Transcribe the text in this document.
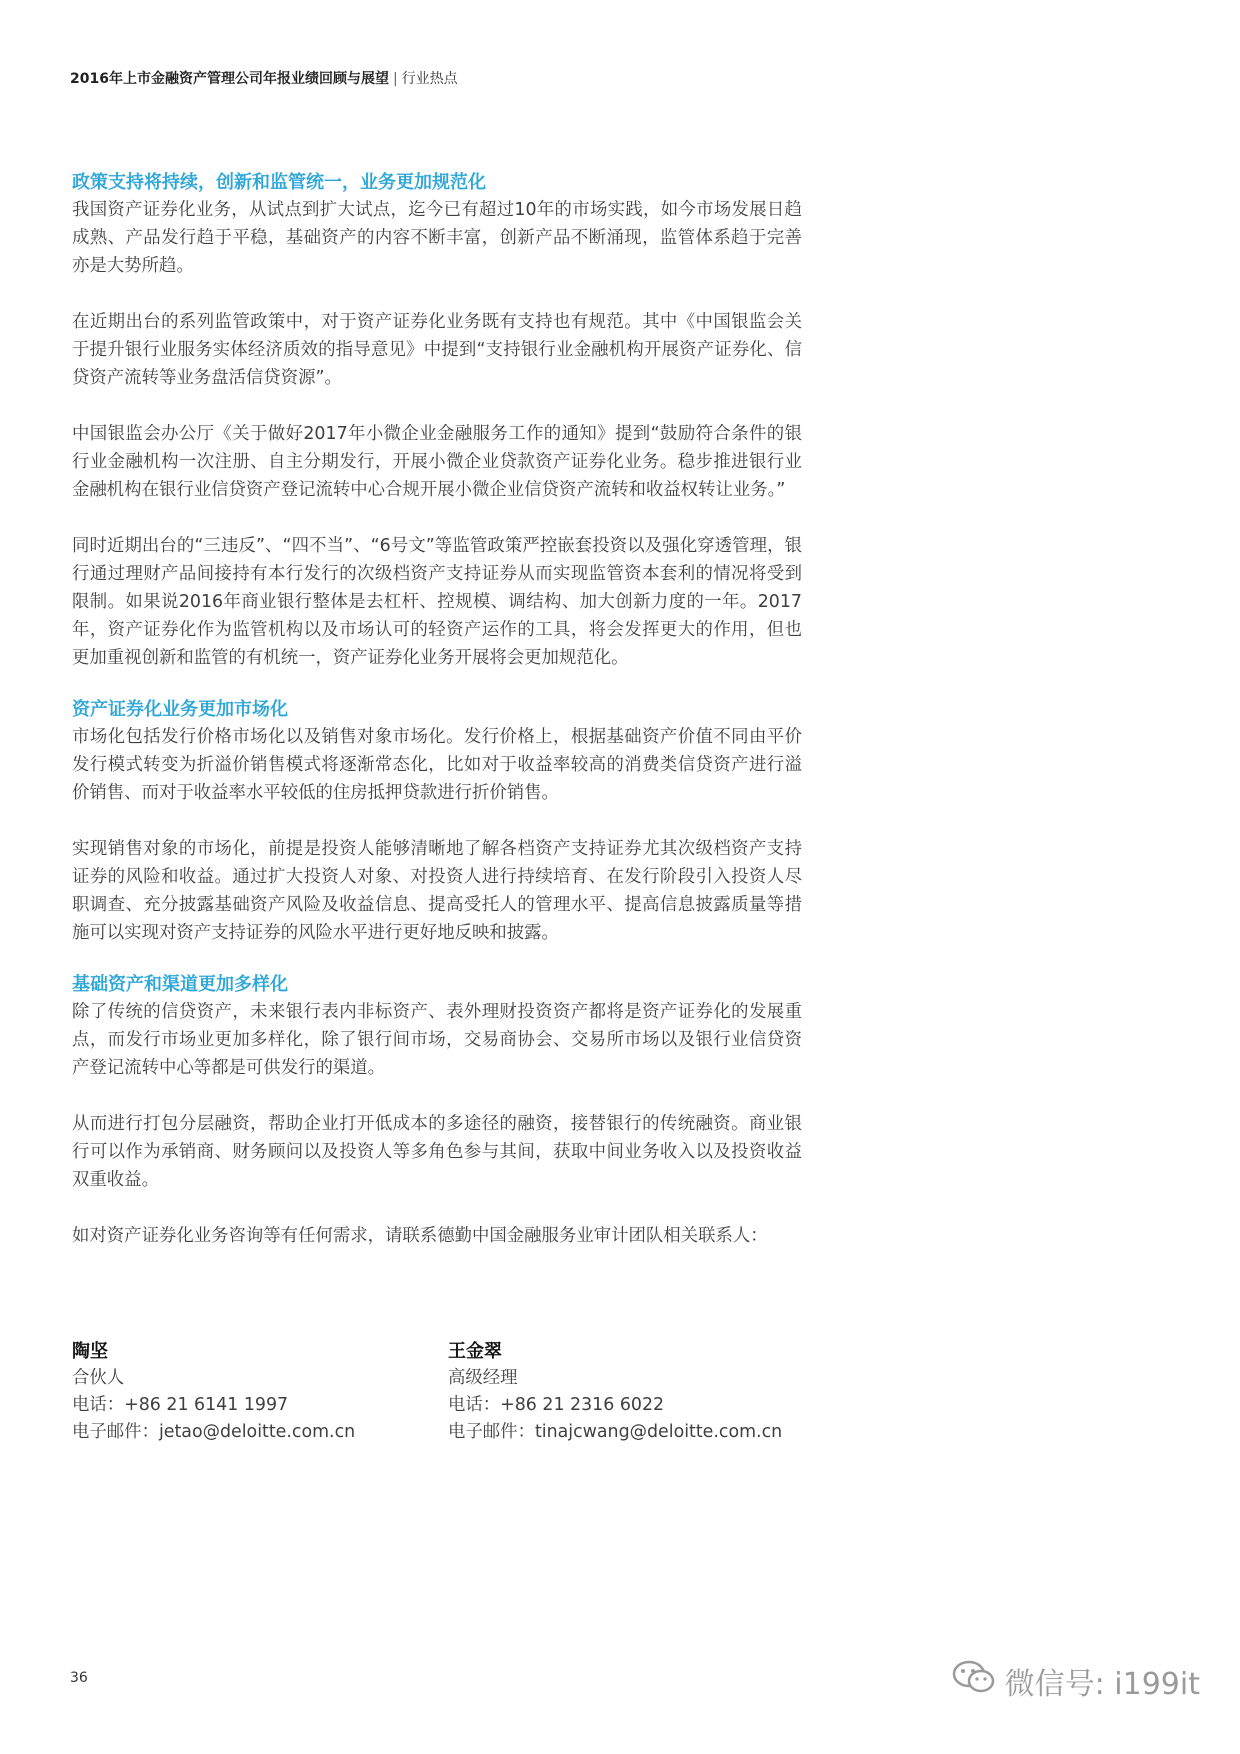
2016年上市金融资产管理公司年报业绩回顾与展望 | 行业热点
政策支持将持续，创新和监管统一，业务更加规范化

我国资产证券化业务，从试点到扩大试点，迄今已有超过10年的市场实践，如今市场发展日趋成熟、产品发行趋于平稳，基础资产的内容不断丰富，创新产品不断涌现，监管体系趋于完善亦是大势所趋。

在近期出台的系列监管政策中，对于资产证券化业务既有支持也有规范。其中《中国银监会关于提升银行业服务实体经济质效的指导意见》中提到“支持银行业金融机构开展资产证券化、信贷资产流转等业务盘活信贷资源”。

中国银监会办公厅《关于做好2017年小微企业金融服务工作的通知》提到“鼓励符合条件的银行业金融机构一次注册、自主分期发行，开展小微企业贷款资产证券化业务。稳步推进银行业金融机构在银行业信贷资产登记流转中心合规开展小微企业信贷资产流转和收益权转让业务。”

同时近期出台的“三违反”、“四不当”、“6号文”等监管政策严控嵌套投资以及强化穿透管理，银行通过理财产品间接持有本行发行的次级档资产支持证券从而实现监管资本套利的情况将受到限制。如果说2016年商业银行整体是去杠杆、控规模、调结构、加大创新力度的一年。2017年，资产证券化作为监管机构以及市场认可的轻资产运作的工具，将会发挥更大的作用，但也更加重视创新和监管的有机统一，资产证券化业务开展将会更加规范化。

资产证券化业务更加市场化

市场化包括发行价格市场化以及销售对象市场化。发行价格上，根据基础资产价值不同由平价发行模式转变为折溢价销售模式将逐渐常态化，比如对于收益率较高的消费类信贷资产进行溢价销售、而对于收益率水平较低的住房抵押贷款进行折价销售。

实现销售对象的市场化，前提是投资人能够清晰地了解各档资产支持证券尤其次级档资产支持证券的风险和收益。通过扩大投资人对象、对投资人进行持续培育、在发行阶段引入投资人尽职调查、充分披露基础资产风险及收益信息、提高受托人的管理水平、提高信息披露质量等措施可以实现对资产支持证券的风险水平进行更好地反映和披露。

基础资产和渠道更加多样化

除了传统的信贷资产，未来银行表内非标资产、表外理财投资资产都将是资产证券化的发展重点，而发行市场业更加多样化，除了银行间市场，交易商协会、交易所市场以及银行业信贷资产登记流转中心等都是可供发行的渠道。

从而进行打包分层融资，帮助企业打开低成本的多途径的融资，接替银行的传统融资。商业银行可以作为承销商、财务顾问以及投资人等多角色参与其间，获取中间业务收入以及投资收益双重收益。

如对资产证券化业务咨询等有任何需求，请联系德勤中国金融服务业审计团队相关联系人：

陶坚
合伙人
电话：+86 21 6141 1997
电子邮件：jetao@deloitte.com.cn
王金翠
高级经理
电话：+86 21 2316 6022
电子邮件：tinajcwang@deloitte.com.cn
36	微信号: i199it
